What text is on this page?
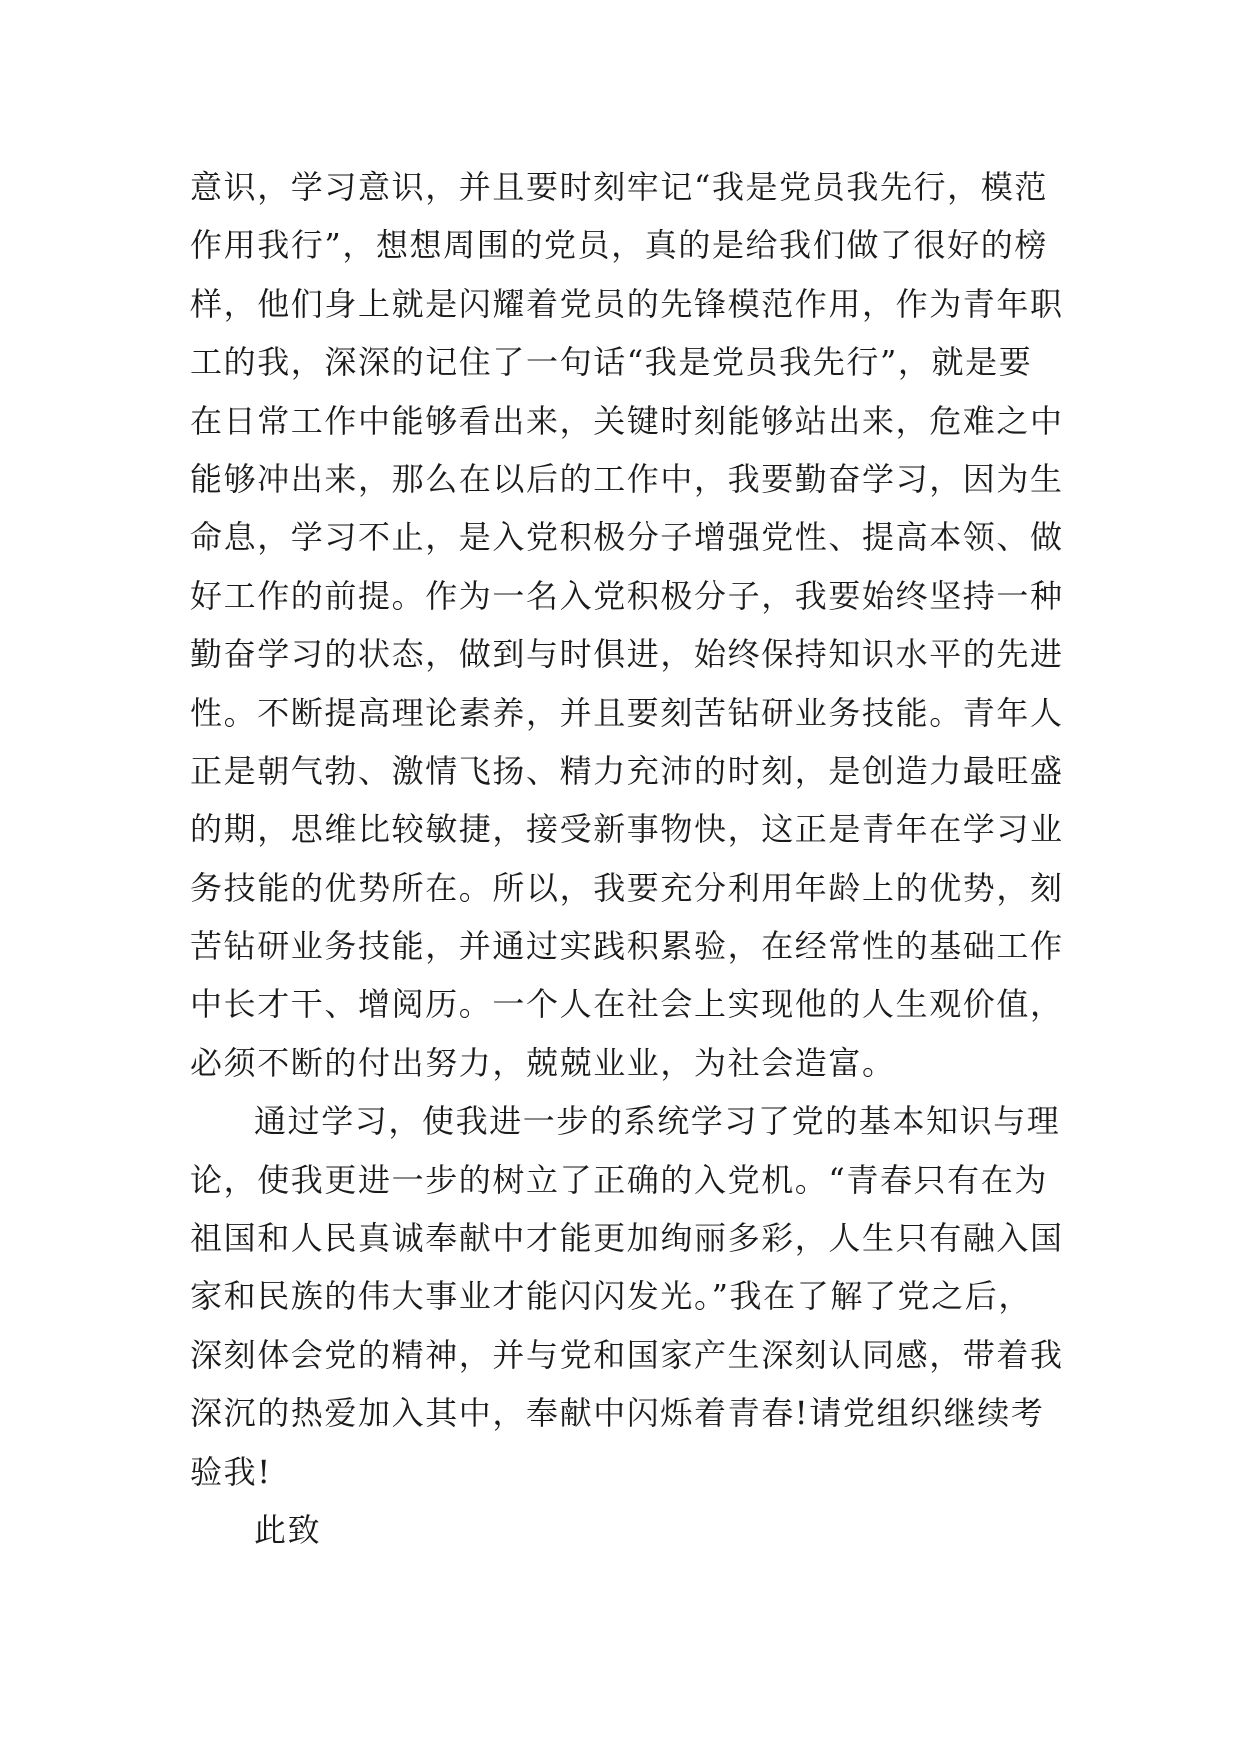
意识，学习意识，并且要时刻牢记“我是党员我先行，模范
作用我行”，想想周围的党员，真的是给我们做了很好的榜
样，他们身上就是闪耀着党员的先锋模范作用，作为青年职
工的我，深深的记住了一句话“我是党员我先行”，就是要
在日常工作中能够看出来，关键时刻能够站出来，危难之中
能够冲出来，那么在以后的工作中，我要勤奋学习，因为生
命息，学习不止，是入党积极分子增强党性、提高本领、做
好工作的前提。作为一名入党积极分子，我要始终坚持一种
勤奋学习的状态，做到与时俱进，始终保持知识水平的先进
性。不断提高理论素养，并且要刻苦钻研业务技能。青年人
正是朝气勃、激情飞扬、精力充沛的时刻，是创造力最旺盛
的期，思维比较敏捷，接受新事物快，这正是青年在学习业
务技能的优势所在。所以，我要充分利用年龄上的优势，刻
苦钻研业务技能，并通过实践积累验，在经常性的基础工作
中长才干、增阅历。一个人在社会上实现他的人生观价值，
必须不断的付出努力，兢兢业业，为社会造富。
通过学习，使我进一步的系统学习了党的基本知识与理
论，使我更进一步的树立了正确的入党机。“青春只有在为
祖国和人民真诚奉献中才能更加绚丽多彩，人生只有融入国
家和民族的伟大事业才能闪闪发光。”我在了解了党之后，
深刻体会党的精神，并与党和国家产生深刻认同感，带着我
深沉的热爱加入其中，奉献中闪烁着青春!请党组织继续考
验我!
此致
